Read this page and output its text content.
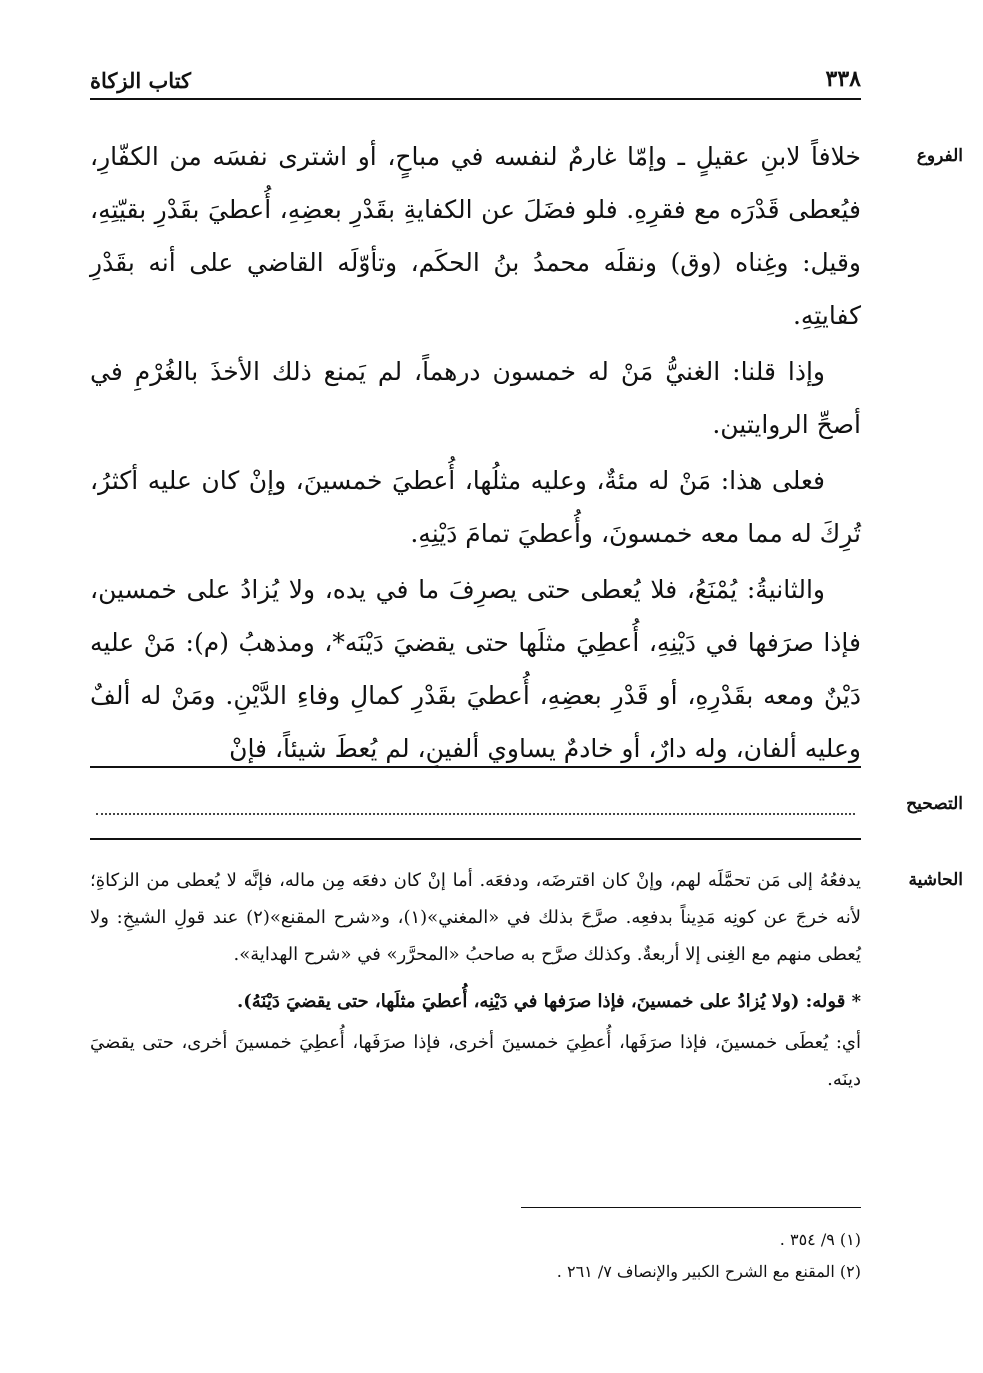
٣٣٨
كتاب الزكاة
الفروع

خلافاً لابنِ عقيلٍ ـ وإمّا غارمٌ لنفسه في مباحٍ، أو اشترى نفسَه من الكفّارِ، فيُعطى قَدْرَه مع فقرِهِ. فلو فضَلَ عن الكفايةِ بقَدْرِ بعضِهِ، أُعطيَ بقَدْرِ بقيّتِهِ، وقيل: وغِناه (وق) ونقلَه محمدُ بنُ الحكَم، وتأوّلَه القاضي على أنه بقَدْرِ كفايتِهِ.

وإذا قلنا: الغنيُّ مَنْ له خمسون درهماً، لم يَمنع ذلك الأخذَ بالغُرْمِ في أصحِّ الروايتين.

فعلى هذا: مَنْ له مئةٌ، وعليه مثلُها، أُعطيَ خمسينَ، وإنْ كان عليه أكثرُ، تُرِكَ له مما معه خمسونَ، وأُعطيَ تمامَ دَيْنِهِ.

والثانيةُ: يُمْنَعُ، فلا يُعطى حتى يصرِفَ ما في يده، ولا يُزادُ على خمسين، فإذا صرَفها في دَيْنِهِ، أُعطِيَ مثلَها حتى يقضيَ دَيْنَه*، ومذهبُ (م): مَنْ عليه دَيْنٌ ومعه بقَدْرِهِ، أو قَدْرِ بعضِهِ، أُعطيَ بقَدْرِ كمالِ وفاءِ الدَّيْنِ. ومَنْ له ألفٌ وعليه ألفان، وله دارٌ، أو خادمٌ يساوي ألفينِ، لم يُعطَ شيئاً، فإنْ

التصحيح
الحاشية

يدفعُهُ إلى مَن تحمَّلَه لهم، وإنْ كان اقترضَه، ودفعَه. أما إنْ كان دفعَه مِن ماله، فإنَّه لا يُعطى من الزكاةِ؛ لأنه خرجَ عن كونِه مَدِيناً بدفعِه. صرَّحَ بذلك في «المغني»(١)، و«شرح المقنع»(٢) عند قولِ الشيخِ: ولا يُعطى منهم مع الغِنى إلا أربعةٌ. وكذلك صرَّح به صاحبُ «المحرَّر» في «شرح الهداية».

* قوله: (ولا يُزادُ على خمسينَ، فإذا صرَفها في دَيْنِه، أُعطيَ مثلَها، حتى يقضيَ دَيْنَهُ).

أي: يُعطَى خمسينَ، فإذا صرَفَها، أُعطِيَ خمسينَ أخرى، فإذا صرَفَها، أُعطِيَ خمسينَ أخرى، حتى يقضيَ دينَه.

(١) ٩/ ٣٥٤ .

(٢) المقنع مع الشرح الكبير والإنصاف ٧/ ٢٦١ .
